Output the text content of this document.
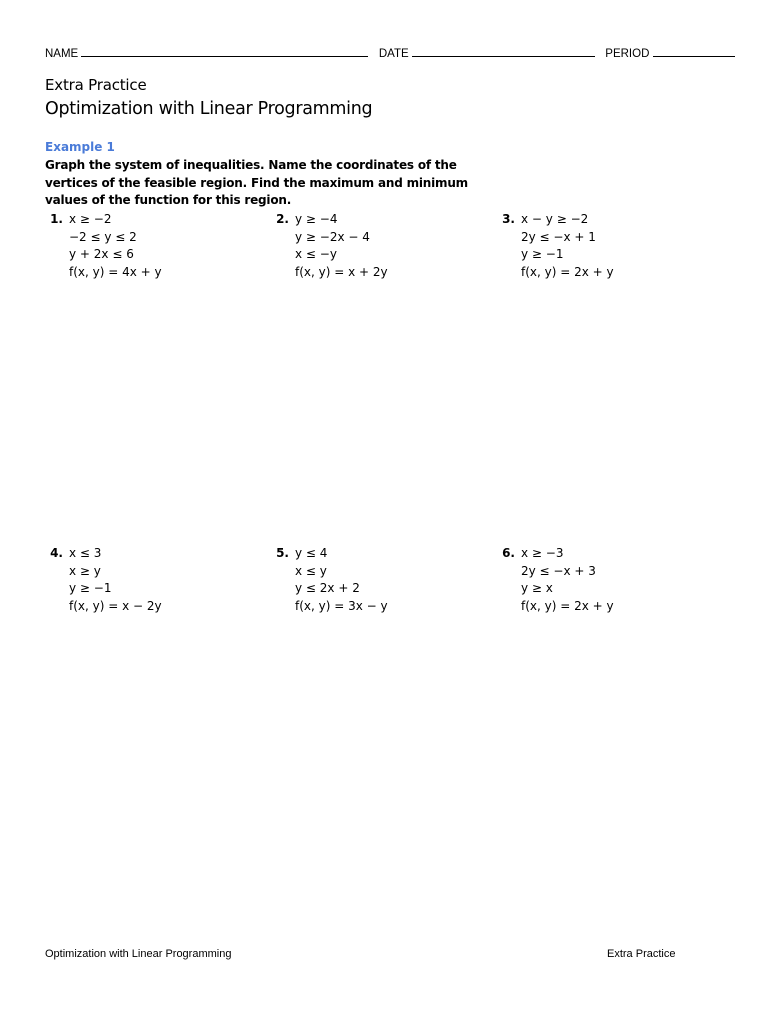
NAME	DATE	PERIOD
Extra Practice
Optimization with Linear Programming
Example 1
Graph the system of inequalities. Name the coordinates of the vertices of the feasible region. Find the maximum and minimum values of the function for this region.
1. x ≥ −2
−2 ≤ y ≤ 2
y + 2x ≤ 6
f(x, y) = 4x + y
2. y ≥ −4
y ≥ −2x − 4
x ≤ −y
f(x, y) = x + 2y
3. x − y ≥ −2
2y ≤ −x + 1
y ≥ −1
f(x, y) = 2x + y
4. x ≤ 3
x ≥ y
y ≥ −1
f(x, y) = x − 2y
5. y ≤ 4
x ≤ y
y ≤ 2x + 2
f(x, y) = 3x − y
6. x ≥ −3
2y ≤ −x + 3
y ≥ x
f(x, y) = 2x + y
Optimization with Linear Programming	Extra Practice
